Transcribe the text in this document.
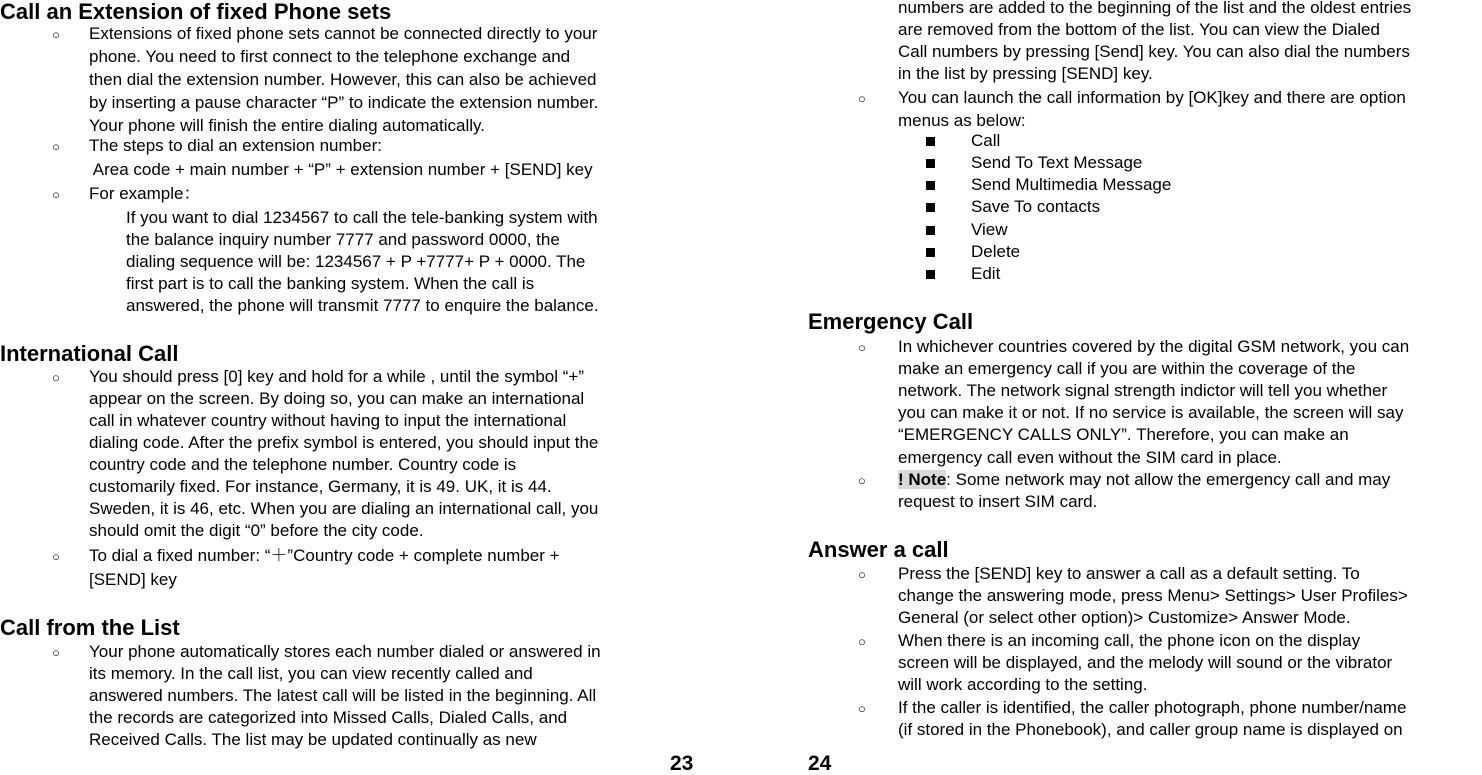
Call an Extension of fixed Phone sets
○ Extensions of fixed phone sets cannot be connected directly to your
phone. You need to first connect to the telephone exchange and
then dial the extension number. However, this can also be achieved
by inserting a pause character “P” to indicate the extension number.
Your phone will finish the entire dialing automatically.
○ The steps to dial an extension number:
Area code + main number + “P” + extension number + [SEND] key
○ For example：
If you want to dial 1234567 to call the tele-banking system with
the balance inquiry number 7777 and password 0000, the
dialing sequence will be: 1234567 + P +7777+ P + 0000. The
first part is to call the banking system. When the call is
answered, the phone will transmit 7777 to enquire the balance.
International Call
○ You should press [0] key and hold for a while , until the symbol “+”
appear on the screen. By doing so, you can make an international
call in whatever country without having to input the international
dialing code. After the prefix symbol is entered, you should input the
country code and the telephone number. Country code is
customarily fixed. For instance, Germany, it is 49. UK, it is 44.
Sweden, it is 46, etc. When you are dialing an international call, you
should omit the digit “0” before the city code.
○ To dial a fixed number: “＋”Country code + complete number +
[SEND] key
Call from the List
○ Your phone automatically stores each number dialed or answered in
its memory. In the call list, you can view recently called and
answered numbers. The latest call will be listed in the beginning. All
the records are categorized into Missed Calls, Dialed Calls, and
Received Calls. The list may be updated continually as new
23
numbers are added to the beginning of the list and the oldest entries
are removed from the bottom of the list. You can view the Dialed
Call numbers by pressing [Send] key. You can also dial the numbers
in the list by pressing [SEND] key.
○ You can launch the call information by [OK]key and there are option
menus as below:
Call
Send To Text Message
Send Multimedia Message
Save To contacts
View
Delete
Edit
Emergency Call
○ In whichever countries covered by the digital GSM network, you can
make an emergency call if you are within the coverage of the
network. The network signal strength indictor will tell you whether
you can make it or not. If no service is available, the screen will say
“EMERGENCY CALLS ONLY”. Therefore, you can make an
emergency call even without the SIM card in place.
○ ! Note: Some network may not allow the emergency call and may
request to insert SIM card.
Answer a call
○ Press the [SEND] key to answer a call as a default setting. To
change the answering mode, press Menu> Settings> User Profiles>
General (or select other option)> Customize> Answer Mode.
○ When there is an incoming call, the phone icon on the display
screen will be displayed, and the melody will sound or the vibrator
will work according to the setting.
○ If the caller is identified, the caller photograph, phone number/name
(if stored in the Phonebook), and caller group name is displayed on
24
